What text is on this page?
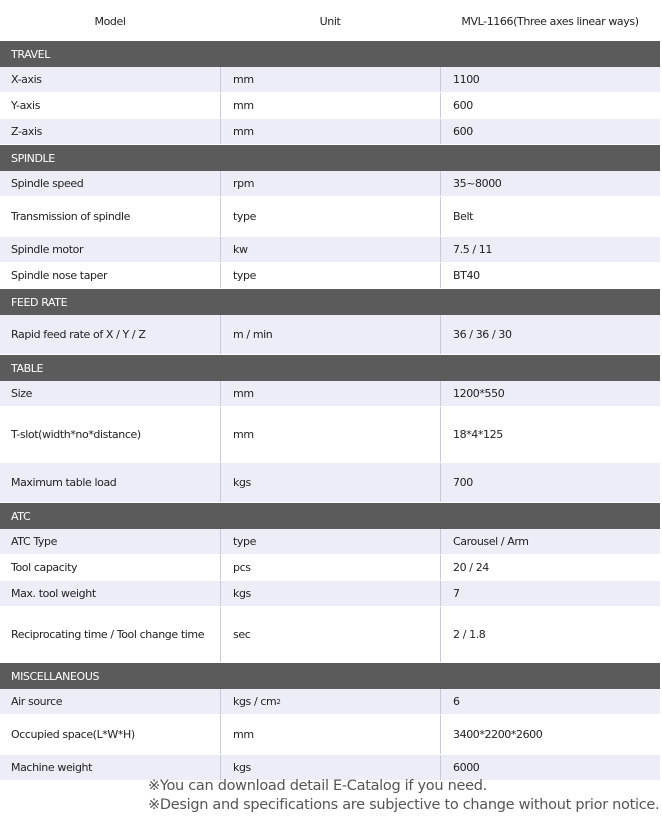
Model	Unit	MVL-1166(Three axes linear ways)
TRAVEL
X-axis	mm	1100
Y-axis	mm	600
Z-axis	mm	600
SPINDLE
Spindle speed	rpm	35~8000
Transmission of spindle	type	Belt
Spindle motor	kw	7.5 / 11
Spindle nose taper	type	BT40
FEED RATE
Rapid feed rate of X / Y / Z	m / min	36 / 36 / 30
TABLE
Size	mm	1200*550
T-slot(width*no*distance)	mm	18*4*125
Maximum table load	kgs	700
ATC
ATC Type	type	Carousel / Arm
Tool capacity	pcs	20 / 24
Max. tool weight	kgs	7
Reciprocating time / Tool change time	sec	2 / 1.8
MISCELLANEOUS
Air source	kgs / cm 2	6
Occupied space(L*W*H)	mm	3400*2200*2600
Machine weight	kgs	6000
※You can download detail E-Catalog if you need.
※Design and specifications are subjective to change without prior notice.
